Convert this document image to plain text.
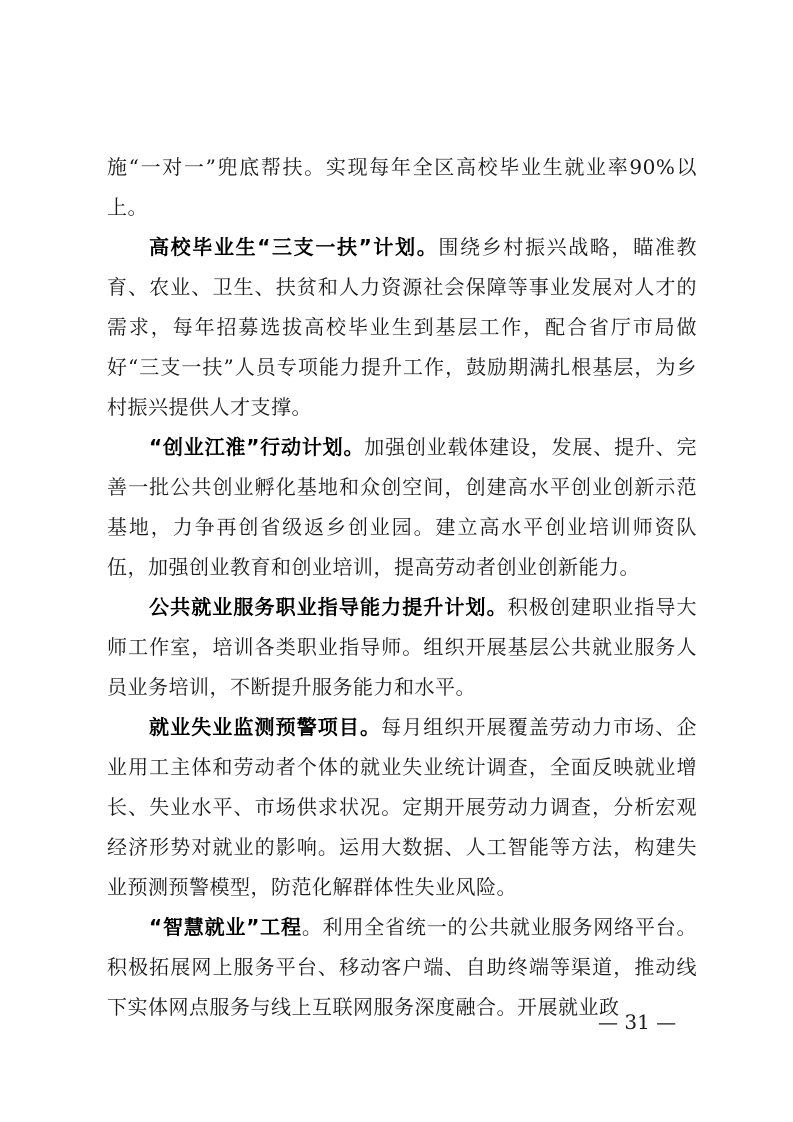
施“一对一”兜底帮扶。实现每年全区高校毕业生就业率90%以上。

高校毕业生“三支一扶”计划。围绕乡村振兴战略，瞄准教育、农业、卫生、扶贫和人力资源社会保障等事业发展对人才的需求，每年招募选拔高校毕业生到基层工作，配合省厅市局做好“三支一扶”人员专项能力提升工作，鼓励期满扎根基层，为乡村振兴提供人才支撑。

“创业江淮”行动计划。加强创业载体建设，发展、提升、完善一批公共创业孵化基地和众创空间，创建高水平创业创新示范基地，力争再创省级返乡创业园。建立高水平创业培训师资队伍，加强创业教育和创业培训，提高劳动者创业创新能力。

公共就业服务职业指导能力提升计划。积极创建职业指导大师工作室，培训各类职业指导师。组织开展基层公共就业服务人员业务培训，不断提升服务能力和水平。

就业失业监测预警项目。每月组织开展覆盖劳动力市场、企业用工主体和劳动者个体的就业失业统计调查，全面反映就业增长、失业水平、市场供求状况。定期开展劳动力调查，分析宏观经济形势对就业的影响。运用大数据、人工智能等方法，构建失业预测预警模型，防范化解群体性失业风险。

“智慧就业”工程。利用全省统一的公共就业服务网络平台。积极拓展网上服务平台、移动客户端、自助终端等渠道，推动线下实体网点服务与线上互联网服务深度融合。开展就业政

— 31 —
